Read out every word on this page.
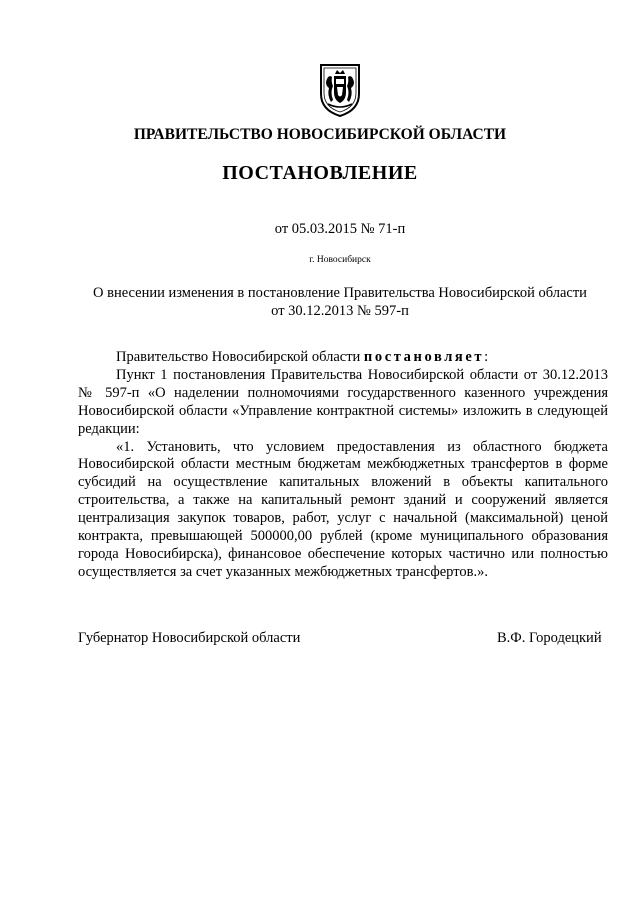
ПРАВИТЕЛЬСТВО НОВОСИБИРСКОЙ ОБЛАСТИ
ПОСТАНОВЛЕНИЕ
от 05.03.2015 № 71-п
г. Новосибирск
О внесении изменения в постановление Правительства Новосибирской области
от 30.12.2013 № 597-п

Правительство Новосибирской области постановляет:

Пункт 1 постановления Правительства Новосибирской области от 30.12.2013 № 597-п «О наделении полномочиями государственного казенного учреждения Новосибирской области «Управление контрактной системы» изложить в следующей редакции:

«1. Установить, что условием предоставления из областного бюджета Новосибирской области местным бюджетам межбюджетных трансфертов в форме субсидий на осуществление капитальных вложений в объекты капитального строительства, а также на капитальный ремонт зданий и сооружений является централизация закупок товаров, работ, услуг с начальной (максимальной) ценой контракта, превышающей 500000,00 рублей (кроме муниципального образования города Новосибирска), финансовое обеспечение которых частично или полностью осуществляется за счет указанных межбюджетных трансфертов.».

Губернатор Новосибирской области	В.Ф. Городецкий
